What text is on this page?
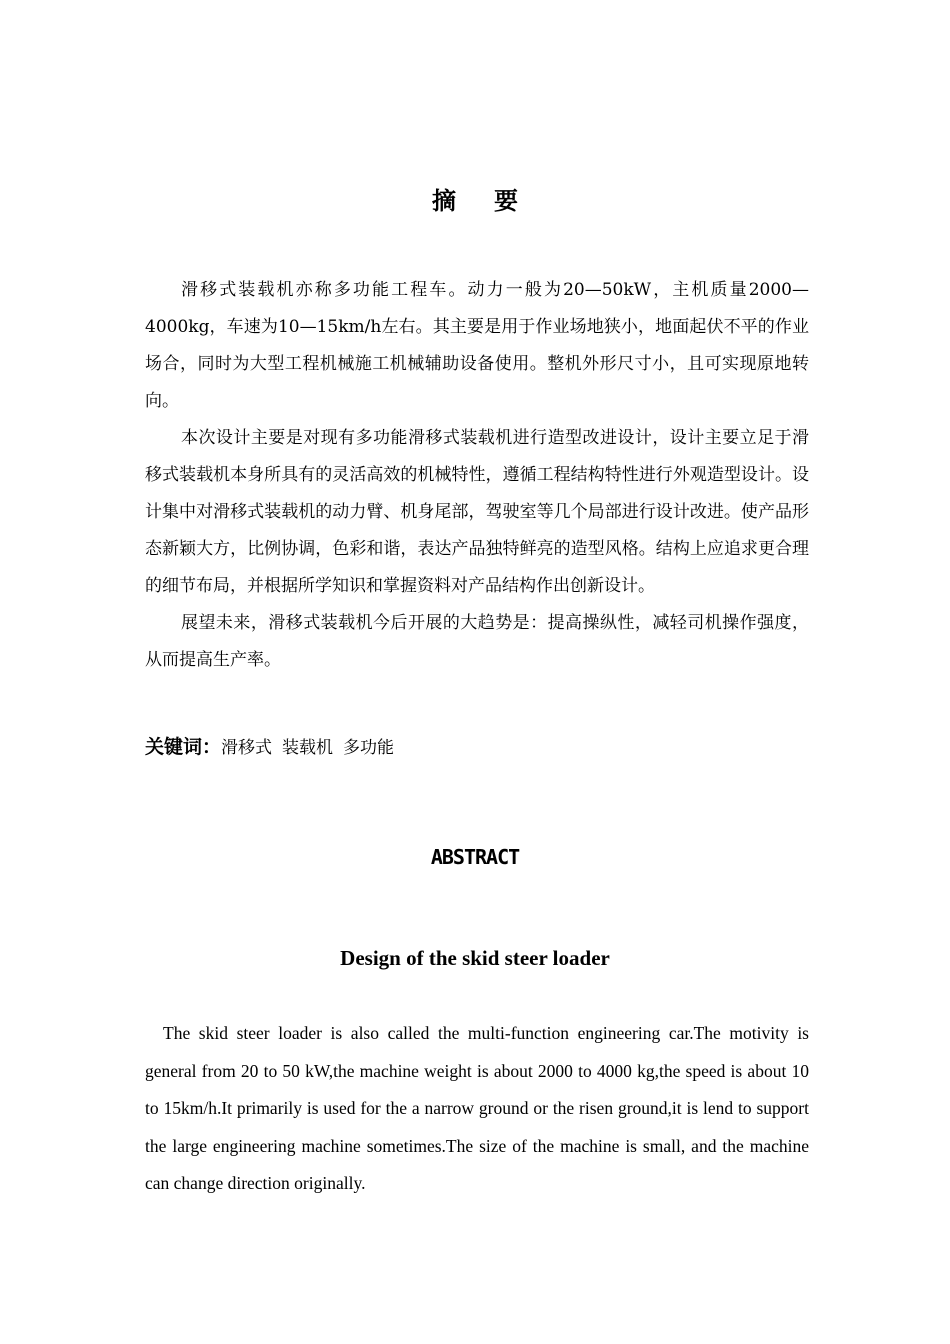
摘要

滑移式装载机亦称多功能工程车。动力一般为20—50kW，主机质量2000—4000kg，车速为10—15km/h左右。其主要是用于作业场地狭小，地面起伏不平的作业场合，同时为大型工程机械施工机械辅助设备使用。整机外形尺寸小，且可实现原地转向。

本次设计主要是对现有多功能滑移式装载机进行造型改进设计，设计主要立足于滑移式装载机本身所具有的灵活高效的机械特性，遵循工程结构特性进行外观造型设计。设计集中对滑移式装载机的动力臂、机身尾部，驾驶室等几个局部进行设计改进。使产品形态新颖大方，比例协调，色彩和谐，表达产品独特鲜亮的造型风格。结构上应追求更合理的细节布局，并根据所学知识和掌握资料对产品结构作出创新设计。

展望未来，滑移式装载机今后开展的大趋势是：提高操纵性，减轻司机操作强度，从而提高生产率。

关键词：滑移式 装载机 多功能
ABSTRACT
Design of the skid steer loader

The skid steer loader is also called the multi-function engineering car.The motivity is general from 20 to 50 kW,the machine weight is about 2000 to 4000 kg,the speed is about 10 to 15km/h.It primarily is used for the a narrow ground or the risen ground,it is lend to support the large engineering machine sometimes.The size of the machine is small, and the machine can change direction originally.
